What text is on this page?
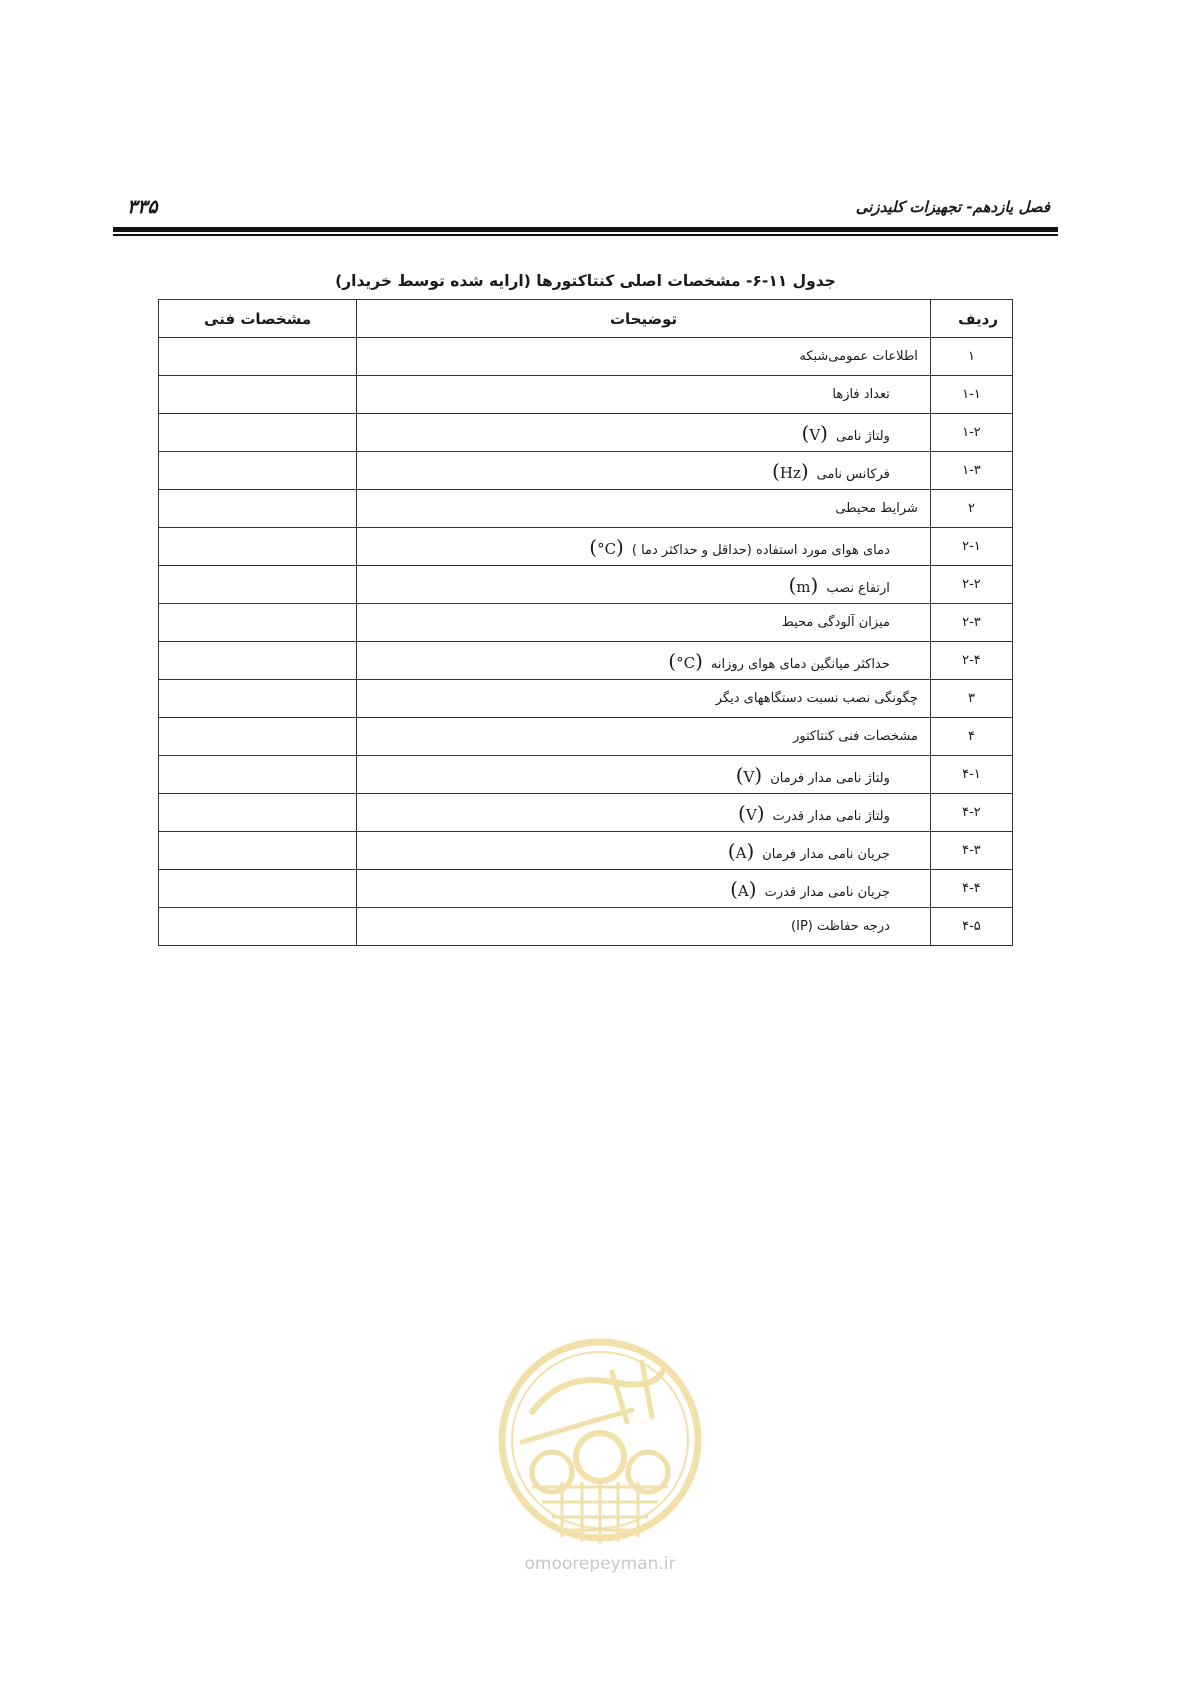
۳۳۵	فصل یازدهم- تجهیزات کلیدزنی
جدول ۱۱-۶- مشخصات اصلی کنتاکتورها (ارایه شده توسط خریدار)
ردیف	توضیحات	مشخصات فنی
۱	اطلاعات عمومی‌شبکه	
۱-۱	تعداد فازها	
۱-۲	ولتاژ نامی(V)	
۱-۳	فرکانس نامی(Hz)	
۲	شرایط محیطی	
۲-۱	دمای هوای مورد استفاده (حداقل و حداکثر دما )(°C)	
۲-۲	ارتفاع نصب(m)	
۲-۳	میزان آلودگی محیط	
۲-۴	حداکثر میانگین دمای هوای روزانه(°C)	
۳	چگونگی نصب نسبت دستگاههای دیگر	
۴	مشخصات فنی کنتاکتور	
۴-۱	ولتاژ نامی مدار فرمان(V)	
۴-۲	ولتاژ نامی مدار قدرت(V)	
۴-۳	جریان نامی مدار فرمان(A)	
۴-۴	جریان نامی مدار قدرت(A)	
۴-۵	درجه حفاظت (IP)	
omoorepeyman.ir
